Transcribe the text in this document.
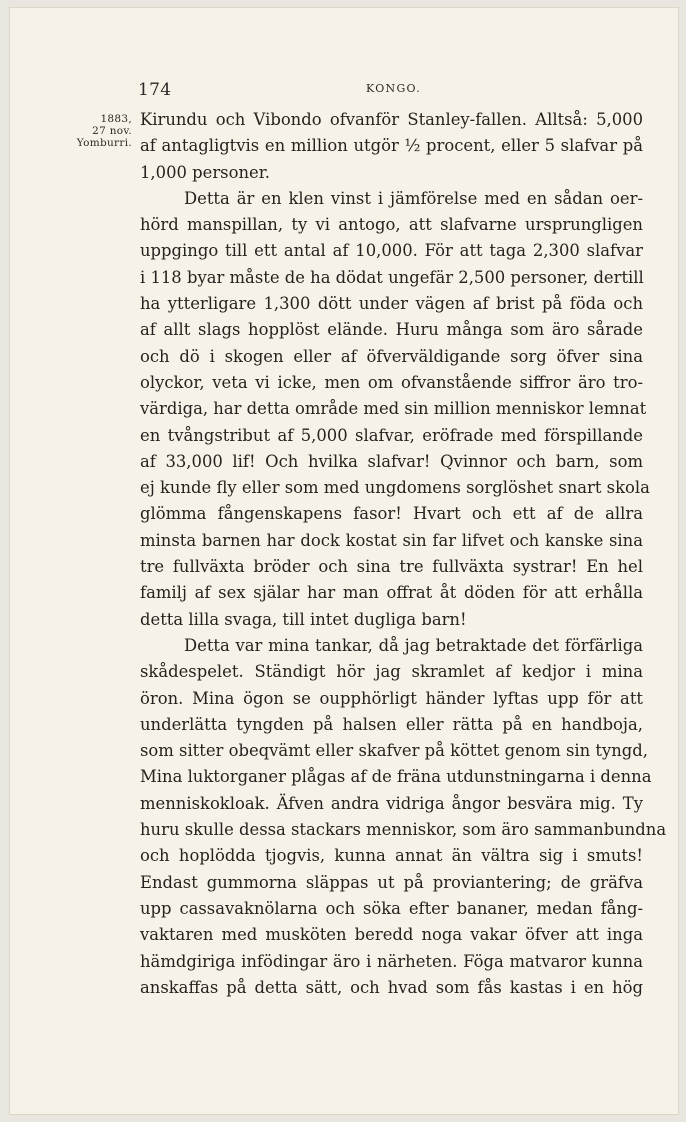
174	KONGO.
1883,
27 nov.
Yomburri.
Kirundu och Vibondo ofvanför Stanley-fallen. Alltså: 5,000
af antagligtvis en million utgör ½ procent, eller 5 slafvar på
1,000 personer.
Detta är en klen vinst i jämförelse med en sådan oer-
hörd manspillan, ty vi antogo, att slafvarne ursprungligen
uppgingo till ett antal af 10,000. För att taga 2,300 slafvar
i 118 byar måste de ha dödat ungefär 2,500 personer, dertill
ha ytterligare 1,300 dött under vägen af brist på föda och
af allt slags hopplöst elände. Huru många som äro sårade
och dö i skogen eller af öfverväldigande sorg öfver sina
olyckor, veta vi icke, men om ofvanstående siffror äro tro-
värdiga, har detta område med sin million menniskor lemnat
en tvångstribut af 5,000 slafvar, eröfrade med förspillande
af 33,000 lif! Och hvilka slafvar! Qvinnor och barn, som
ej kunde fly eller som med ungdomens sorglöshet snart skola
glömma fångenskapens fasor! Hvart och ett af de allra
minsta barnen har dock kostat sin far lifvet och kanske sina
tre fullväxta bröder och sina tre fullväxta systrar! En hel
familj af sex själar har man offrat åt döden för att erhålla
detta lilla svaga, till intet dugliga barn!
Detta var mina tankar, då jag betraktade det förfärliga
skådespelet. Ständigt hör jag skramlet af kedjor i mina
öron. Mina ögon se oupphörligt händer lyftas upp för att
underlätta tyngden på halsen eller rätta på en handboja,
som sitter obeqvämt eller skafver på köttet genom sin tyngd,
Mina luktorganer plågas af de fräna utdunstningarna i denna
menniskokloak. Äfven andra vidriga ångor besvära mig. Ty
huru skulle dessa stackars menniskor, som äro sammanbundna
och hoplödda tjogvis, kunna annat än vältra sig i smuts!
Endast gummorna släppas ut på proviantering; de gräfva
upp cassavaknölarna och söka efter bananer, medan fång-
vaktaren med musköten beredd noga vakar öfver att inga
hämdgiriga infödingar äro i närheten. Föga matvaror kunna
anskaffas på detta sätt, och hvad som fås kastas i en hög
